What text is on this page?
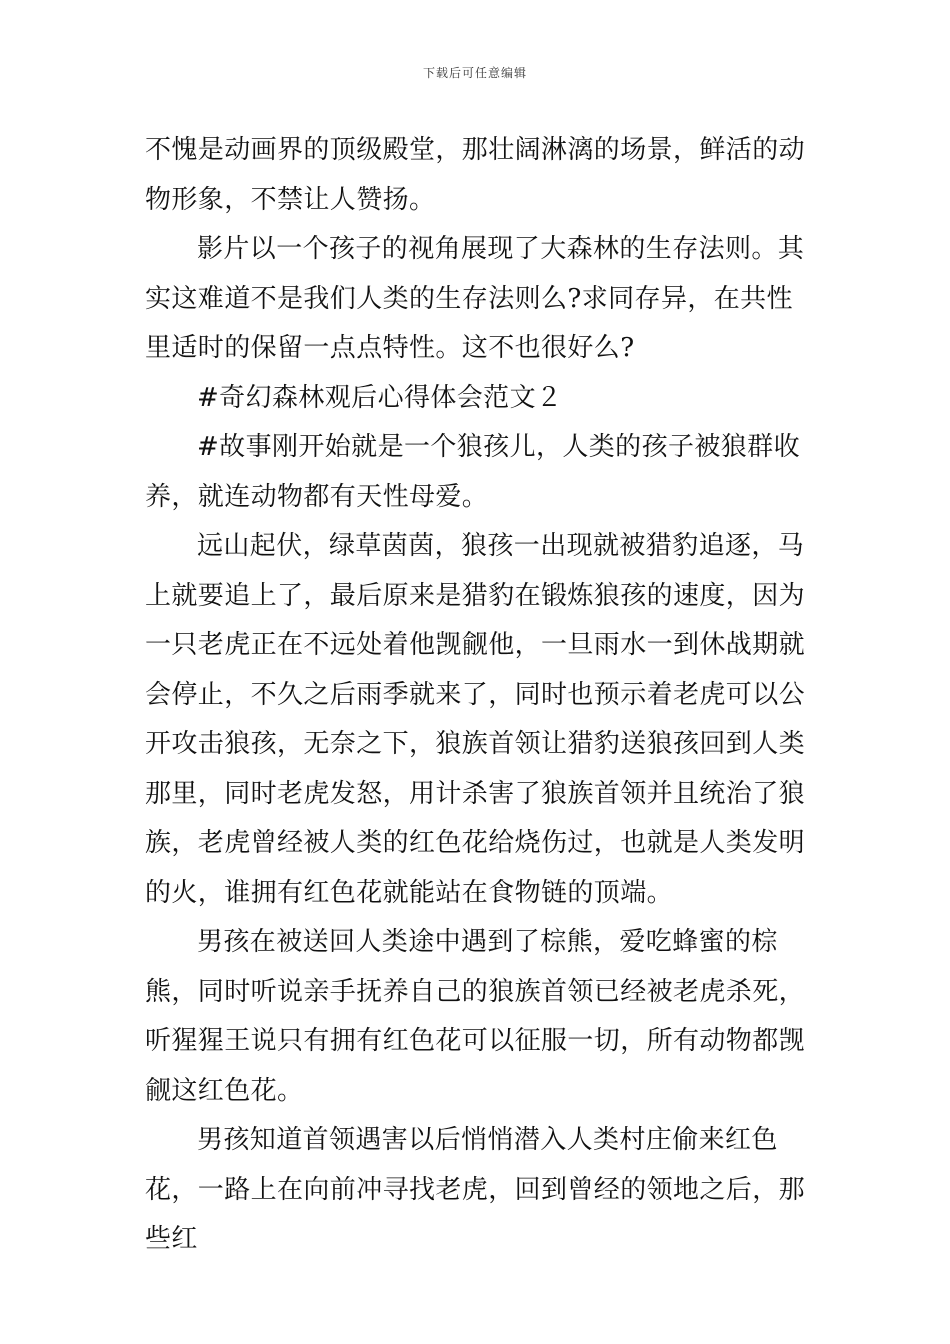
下载后可任意编辑

不愧是动画界的顶级殿堂，那壮阔淋漓的场景，鲜活的动物形象，不禁让人赞扬。

影片以一个孩子的视角展现了大森林的生存法则。其实这难道不是我们人类的生存法则么?求同存异，在共性里适时的保留一点点特性。这不也很好么?

#奇幻森林观后心得体会范文２

#故事刚开始就是一个狼孩儿，人类的孩子被狼群收养，就连动物都有天性母爱。

远山起伏，绿草茵茵，狼孩一出现就被猎豹追逐，马上就要追上了，最后原来是猎豹在锻炼狼孩的速度，因为一只老虎正在不远处着他觊觎他，一旦雨水一到休战期就会停止，不久之后雨季就来了，同时也预示着老虎可以公开攻击狼孩，无奈之下，狼族首领让猎豹送狼孩回到人类那里，同时老虎发怒，用计杀害了狼族首领并且统治了狼族，老虎曾经被人类的红色花给烧伤过，也就是人类发明的火，谁拥有红色花就能站在食物链的顶端。

男孩在被送回人类途中遇到了棕熊，爱吃蜂蜜的棕熊，同时听说亲手抚养自己的狼族首领已经被老虎杀死，听猩猩王说只有拥有红色花可以征服一切，所有动物都觊觎这红色花。

男孩知道首领遇害以后悄悄潜入人类村庄偷来红色花，一路上在向前冲寻找老虎，回到曾经的领地之后，那些红
